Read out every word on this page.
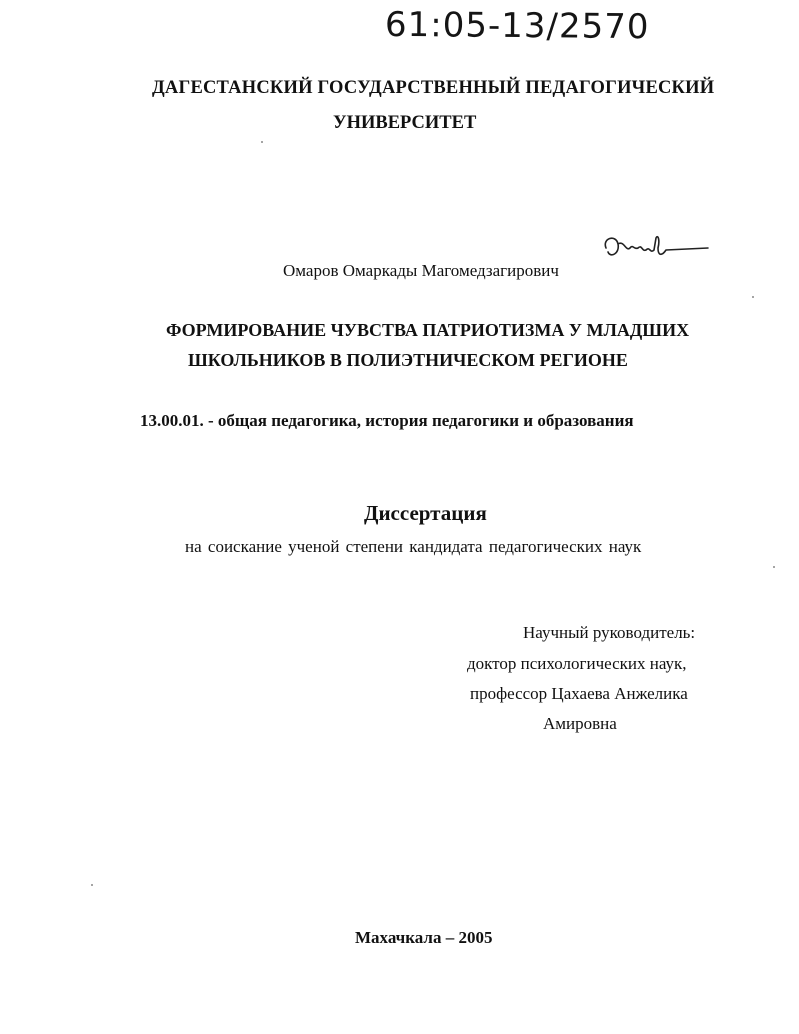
61:05-13/2570
ДАГЕСТАНСКИЙ ГОСУДАРСТВЕННЫЙ ПЕДАГОГИЧЕСКИЙ
УНИВЕРСИТЕТ
Омаров Омаркады Магомедзагирович
ФОРМИРОВАНИЕ ЧУВСТВА ПАТРИОТИЗМА У МЛАДШИХ
ШКОЛЬНИКОВ В ПОЛИЭТНИЧЕСКОМ РЕГИОНЕ
13.00.01. - общая педагогика, история педагогики и образования
Диссертация
на соискание ученой степени кандидата педагогических наук
Научный руководитель:
доктор психологических наук,
профессор Цахаева Анжелика
Амировна
Махачкала – 2005
